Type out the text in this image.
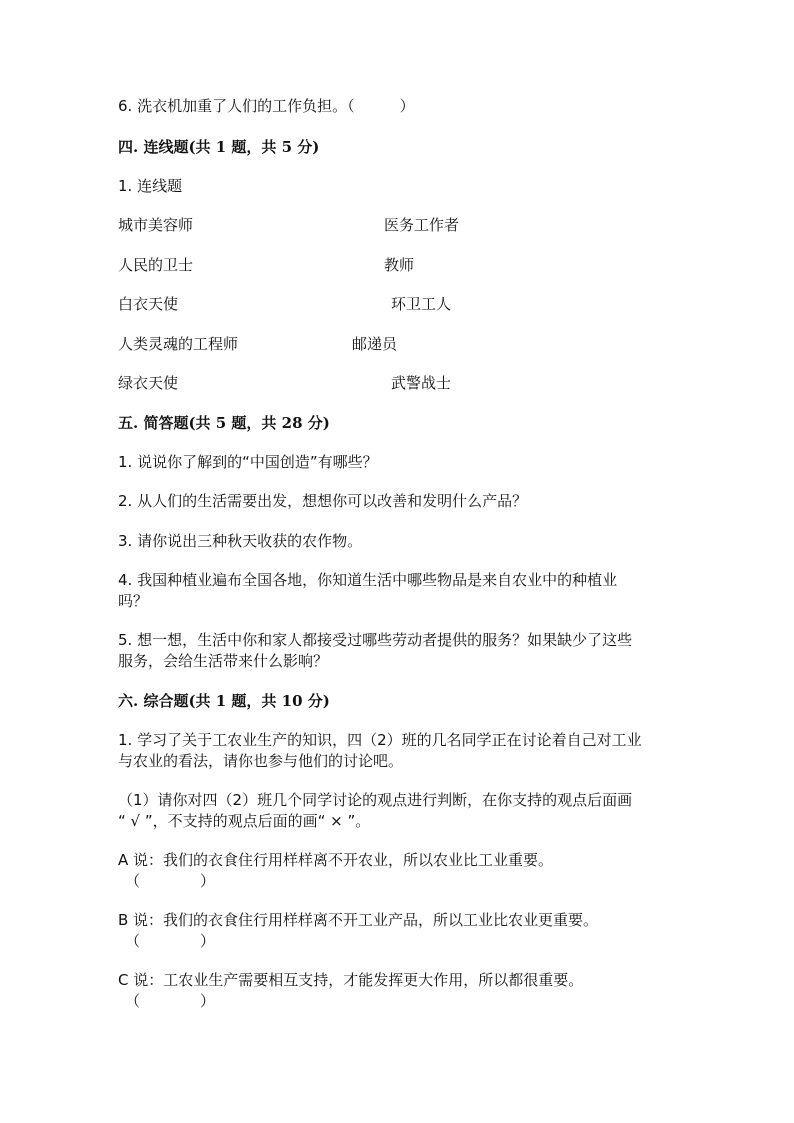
6. 洗衣机加重了人们的工作负担。（　　　）
四. 连线题(共 1 题，共 5 分)
1. 连线题
城市美容师	医务工作者
人民的卫士	教师
白衣天使	环卫工人
人类灵魂的工程师	邮递员
绿衣天使	武警战士
五. 简答题(共 5 题，共 28 分)
1. 说说你了解到的“中国创造”有哪些？
2. 从人们的生活需要出发，想想你可以改善和发明什么产品？
3. 请你说出三种秋天收获的农作物。
4. 我国种植业遍布全国各地，你知道生活中哪些物品是来自农业中的种植业
吗？
5. 想一想，生活中你和家人都接受过哪些劳动者提供的服务？如果缺少了这些
服务，会给生活带来什么影响？
六. 综合题(共 1 题，共 10 分)
1. 学习了关于工农业生产的知识，四（2）班的几名同学正在讨论着自己对工业
与农业的看法，请你也参与他们的讨论吧。
（1）请你对四（2）班几个同学讨论的观点进行判断，在你支持的观点后面画
“ √ ”，不支持的观点后面的画“ × ”。
A 说：我们的衣食住行用样样离不开农业，所以农业比工业重要。
（　　　　）
B 说：我们的衣食住行用样样离不开工业产品，所以工业比农业更重要。
（　　　　）
C 说：工农业生产需要相互支持，才能发挥更大作用，所以都很重要。
（　　　　）
